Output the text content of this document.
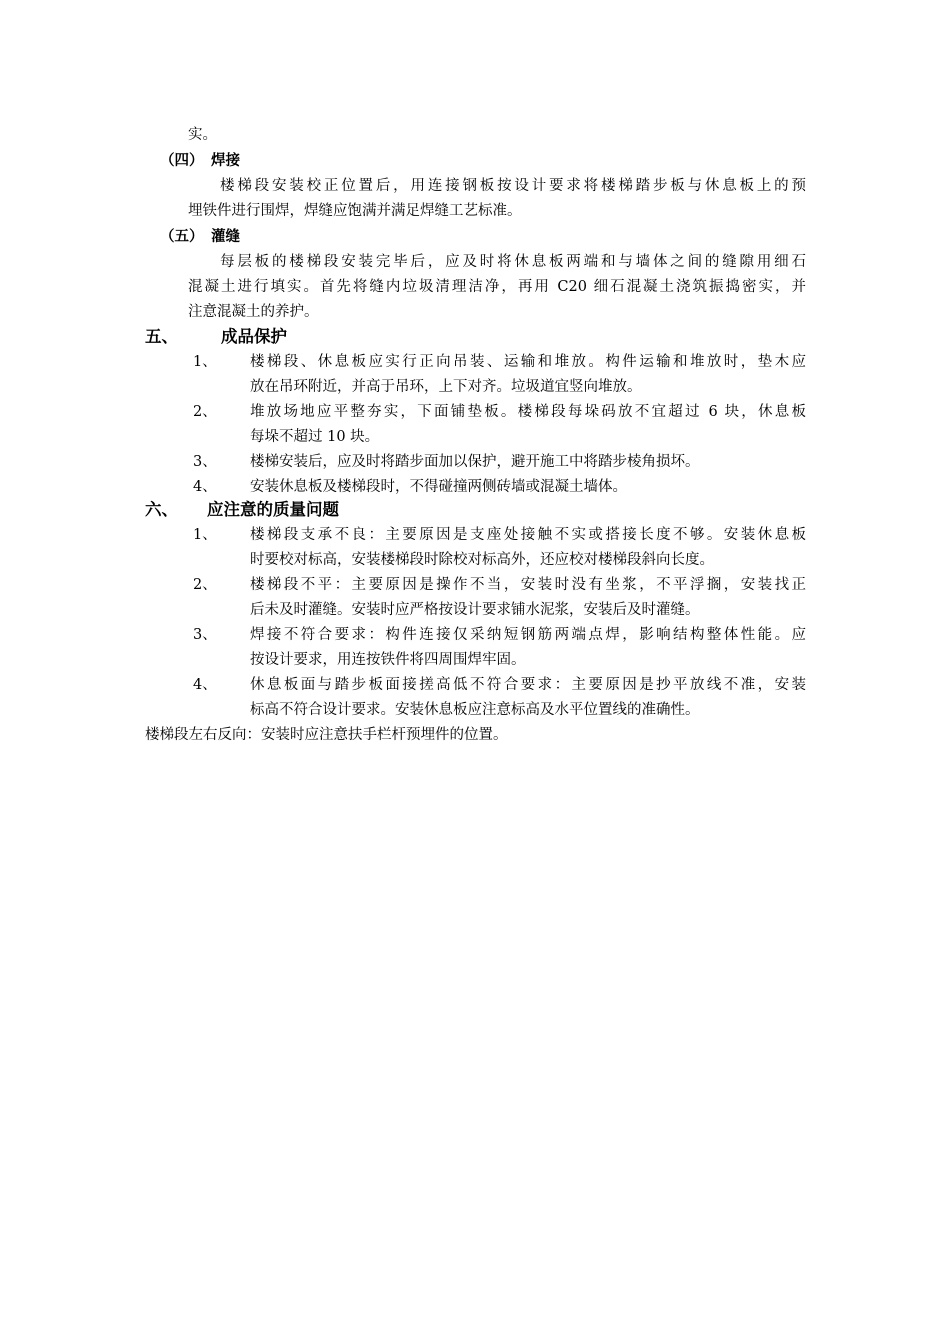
实。
（四） 焊接
楼梯段安装校正位置后，用连接钢板按设计要求将楼梯踏步板与休息板上的预
埋铁件进行围焊，焊缝应饱满并满足焊缝工艺标准。
（五） 灌缝
每层板的楼梯段安装完毕后，应及时将休息板两端和与墙体之间的缝隙用细石
混凝土进行填实。首先将缝内垃圾清理洁净，再用 C20 细石混凝土浇筑振捣密实，并
注意混凝土的养护。
五、	成品保护
1、 楼梯段、休息板应实行正向吊装、运输和堆放。构件运输和堆放时，垫木应
放在吊环附近，并高于吊环，上下对齐。垃圾道宜竖向堆放。
2、 堆放场地应平整夯实，下面铺垫板。楼梯段每垛码放不宜超过 6 块，休息板
每垛不超过 10 块。
3、 楼梯安装后，应及时将踏步面加以保护，避开施工中将踏步棱角损坏。
4、 安装休息板及楼梯段时，不得碰撞两侧砖墙或混凝土墙体。
六、 应注意的质量问题
1、 楼梯段支承不良：主要原因是支座处接触不实或搭接长度不够。安装休息板
时要校对标高，安装楼梯段时除校对标高外，还应校对楼梯段斜向长度。
2、 楼梯段不平：主要原因是操作不当，安装时没有坐浆，不平浮搁，安装找正
后未及时灌缝。安装时应严格按设计要求铺水泥浆，安装后及时灌缝。
3、 焊接不符合要求：构件连接仅采纳短钢筋两端点焊，影响结构整体性能。应
按设计要求，用连按铁件将四周围焊牢固。
4、 休息板面与踏步板面接搓高低不符合要求：主要原因是抄平放线不准，安装
标高不符合设计要求。安装休息板应注意标高及水平位置线的准确性。
楼梯段左右反向：安装时应注意扶手栏杆预埋件的位置。
